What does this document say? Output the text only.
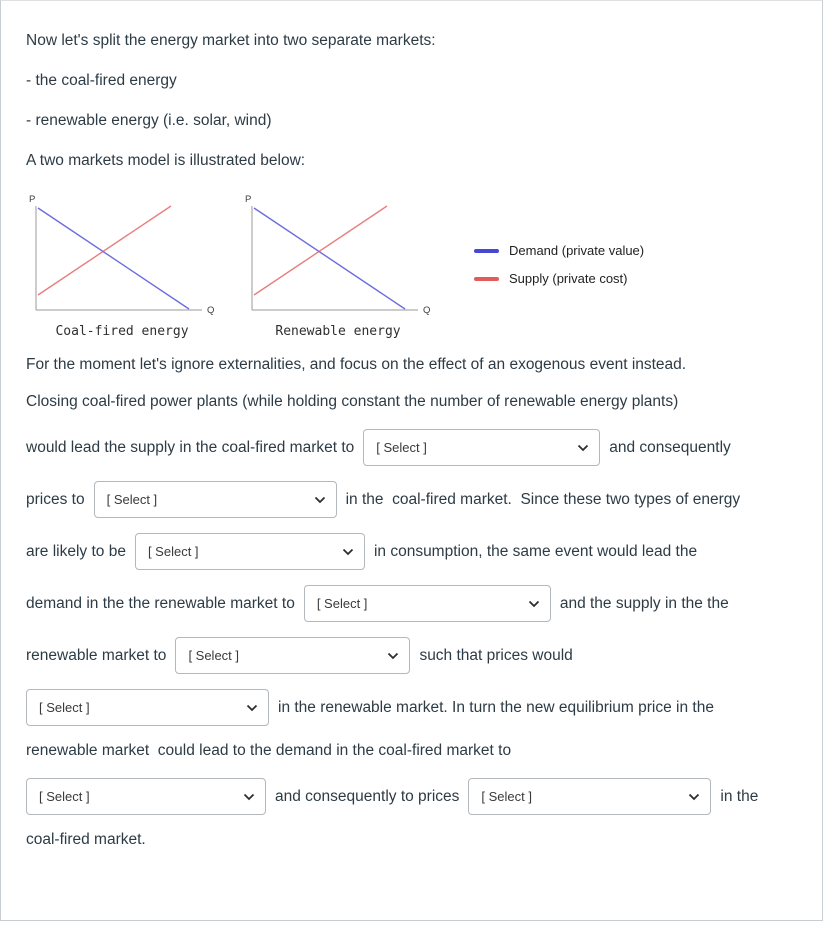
Now let's split the energy market into two separate markets:

- the coal-fired energy

- renewable energy (i.e. solar, wind)

A two markets model is illustrated below:

P
Q
Coal-fired energy
P
Q
Renewable energy
Demand (private value)
Supply (private cost)
For the moment let's ignore externalities, and focus on the effect of an exogenous event instead.
Closing coal-fired power plants (while holding constant the number of renewable energy plants)
would lead the supply in the coal-fired market to [ Select ]	and consequently
prices to [ Select ]	in the  coal-fired market.  Since these two types of energy
are likely to be [ Select ]	in consumption, the same event would lead the
demand in the the renewable market to [ Select ]	and the supply in the the
renewable market to [ Select ]	such that prices would
[ Select ]	in the renewable market. In turn the new equilibrium price in the
renewable market  could lead to the demand in the coal-fired market to
[ Select ]	and consequently to prices [ Select ]	in the
coal-fired market.
